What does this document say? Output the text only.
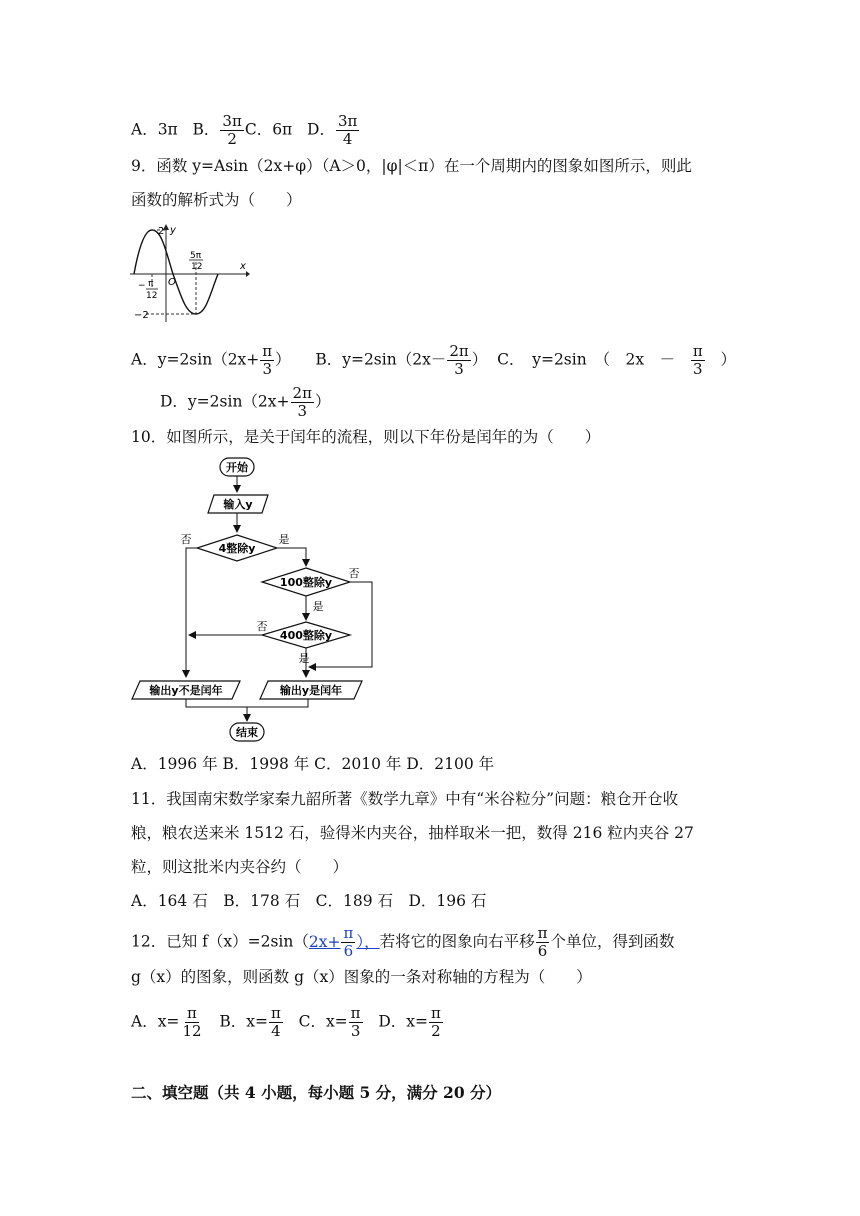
A．3π B． $\frac{3\pi}{2}$ C．6π D． $\frac{3\pi}{4}$
9．函数 y=Asin（2x+φ）（A＞0，|φ|＜π）在一个周期内的图象如图所示，则此
函数的解析式为（　　）
y
x
O
2
5π
12
− π
12
−2
A．$y=2\sin(2x+ \frac{\pi}{3}$ ） B．$y=2\sin(2x- \frac{2\pi}{3}$ ） C．　y=2sin　（　2x　－ $\frac{\pi}{3}$ ）
D．$y=2\sin(2x+ \frac{2\pi}{3}$ ）
10．如图所示，是关于闰年的流程，则以下年份是闰年的为（　　）
开始
输入y
4整除y
否	是
100整除y
否
是
400整除y
否
是
输出y不是闰年	输出y是闰年
结束
A．1996 年 B．1998 年 C．2010 年 D．2100 年
11．我国南宋数学家秦九韶所著《数学九章》中有“米谷粒分”问题：粮仓开仓收
粮，粮农送来米 1512 石，验得米内夹谷，抽样取米一把，数得 216 粒内夹谷 27
粒，则这批米内夹谷约（　　）
A．164 石　B．178 石　C．189 石　D．196 石
12．已知 $f(x)=2\sin(2x+ \frac{\pi}{6}$ ），若将它的图象向右平移 $\frac{\pi}{6}$ 个单位，得到函数
g（x）的图象，则函数 g（x）图象的一条对称轴的方程为（　　）
A．$x= \frac{\pi}{12}$ B．$x= \frac{\pi}{4}$ C．$x= \frac{\pi}{3}$ D．$x= \frac{\pi}{2}$
二、填空题（共 4 小题，每小题 5 分，满分 20 分）
